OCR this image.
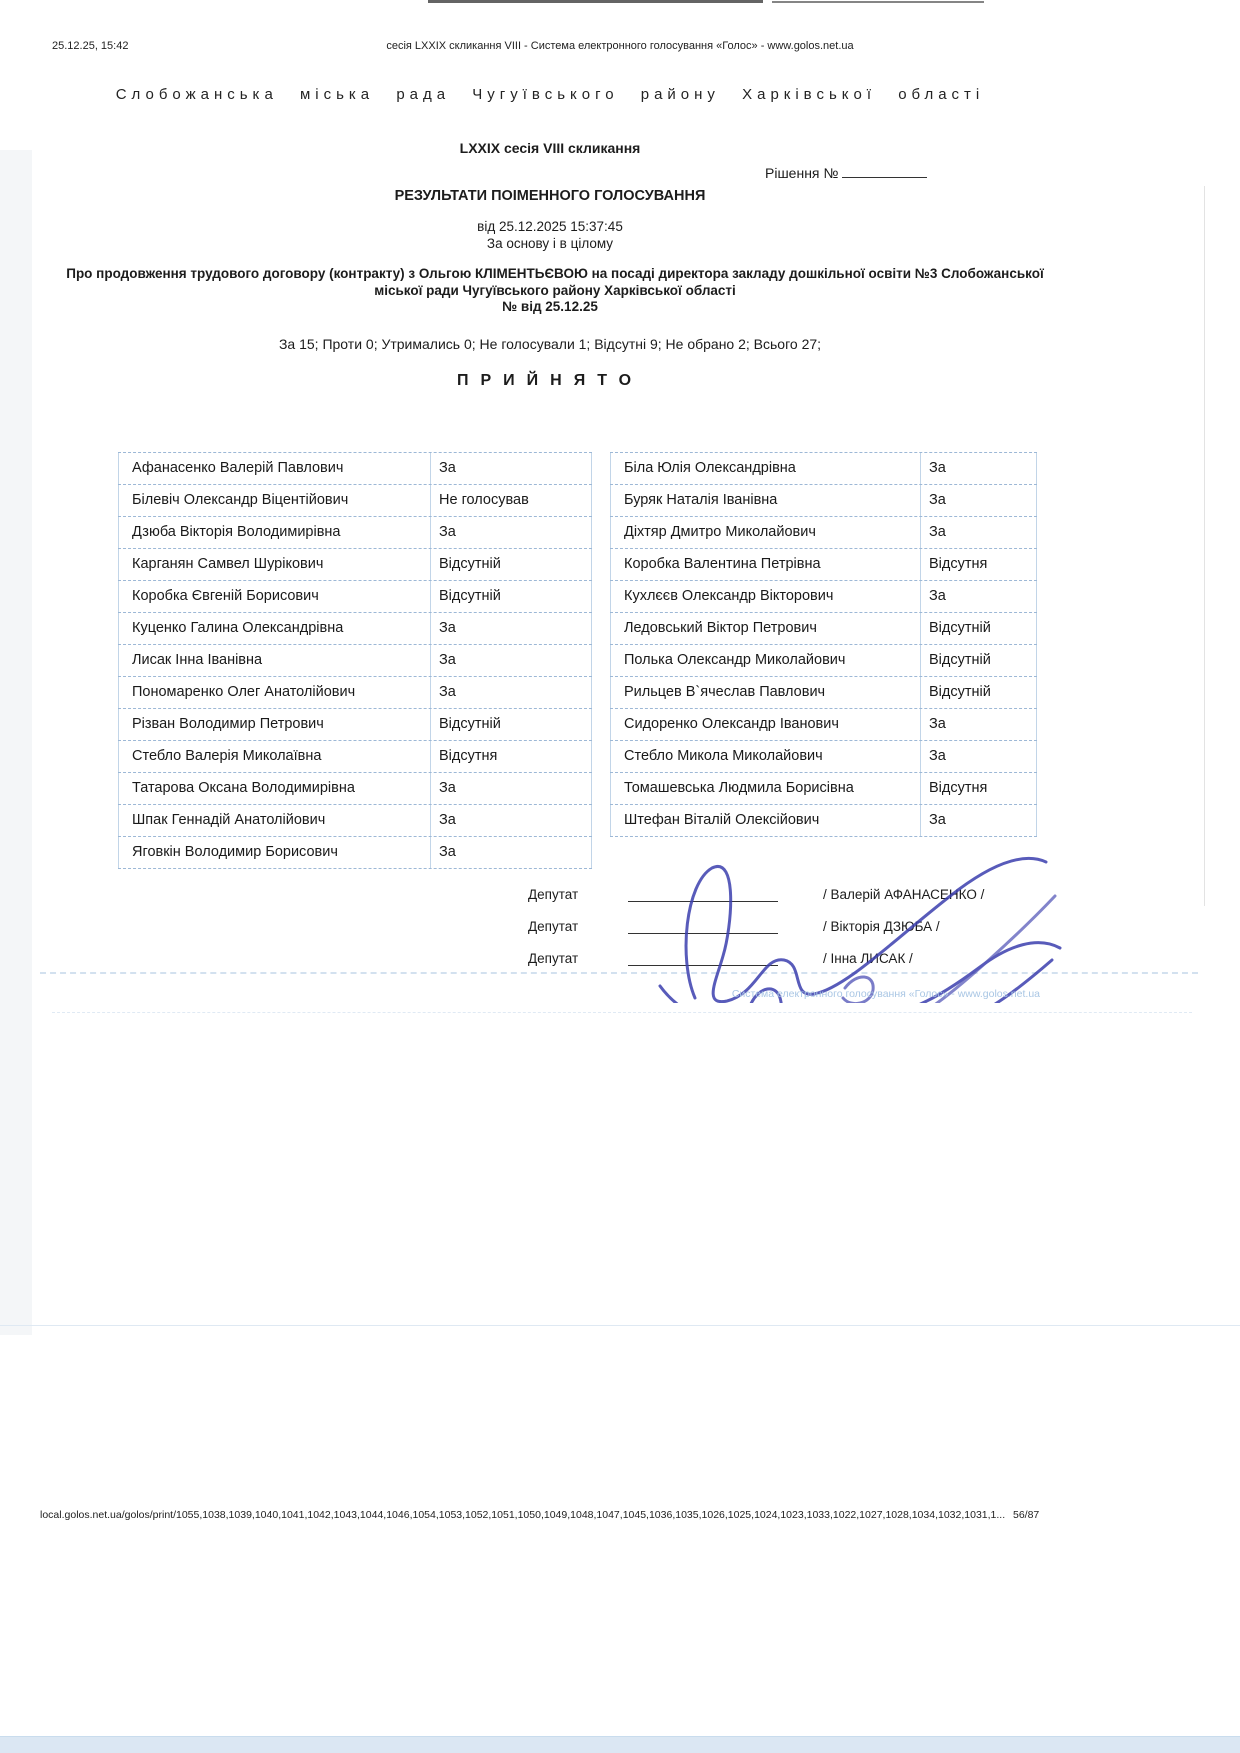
25.12.25, 15:42	сесія LXXIX скликання VIII - Система електронного голосування «Голос» - www.golos.net.ua
Слобожанська міська рада Чугуївського району Харківської області
LXXIX сесія VIII скликання
Рішення №
РЕЗУЛЬТАТИ ПОІМЕННОГО ГОЛОСУВАННЯ
від 25.12.2025 15:37:45
За основу і в цілому
Про продовження трудового договору (контракту) з Ольгою КЛІМЕНТЬЄВОЮ на посаді директора закладу дошкільної освіти №3 Слобожанської міської ради Чугуївського району Харківської області
№ від 25.12.25
За 15; Проти 0; Утримались 0; Не голосували 1; Відсутні 9; Не обрано 2; Всього 27;
ПРИЙНЯТО
Афанасенко Валерій Павлович	За
Білевіч Олександр Віцентійович	Не голосував
Дзюба Вікторія Володимирівна	За
Карганян Самвел Шурікович	Відсутній
Коробка Євгеній Борисович	Відсутній
Куценко Галина Олександрівна	За
Лисак Інна Іванівна	За
Пономаренко Олег Анатолійович	За
Різван Володимир Петрович	Відсутній
Стебло Валерія Миколаївна	Відсутня
Татарова Оксана Володимирівна	За
Шпак Геннадій Анатолійович	За
Яговкін Володимир Борисович	За
Біла Юлія Олександрівна	За
Буряк Наталія Іванівна	За
Діхтяр Дмитро Миколайович	За
Коробка Валентина Петрівна	Відсутня
Кухлєєв Олександр Вікторович	За
Ледовський Віктор Петрович	Відсутній
Полька Олександр Миколайович	Відсутній
Рильцев В`ячеслав Павлович	Відсутній
Сидоренко Олександр Іванович	За
Стебло Микола Миколайович	За
Томашевська Людмила Борисівна	Відсутня
Штефан Віталій Олексійович	За
Депутат	/ Валерій АФАНАСЕНКО /
Депутат	/ Вікторія ДЗЮБА /
Депутат	/ Інна ЛИСАК /
Система електронного голосування «Голос» - www.golos.net.ua
local.golos.net.ua/golos/print/1055,1038,1039,1040,1041,1042,1043,1044,1046,1054,1053,1052,1051,1050,1049,1048,1047,1045,1036,1035,1026,1025,1024,1023,1033,1022,1027,1028,1034,1032,1031,1... 56/87
